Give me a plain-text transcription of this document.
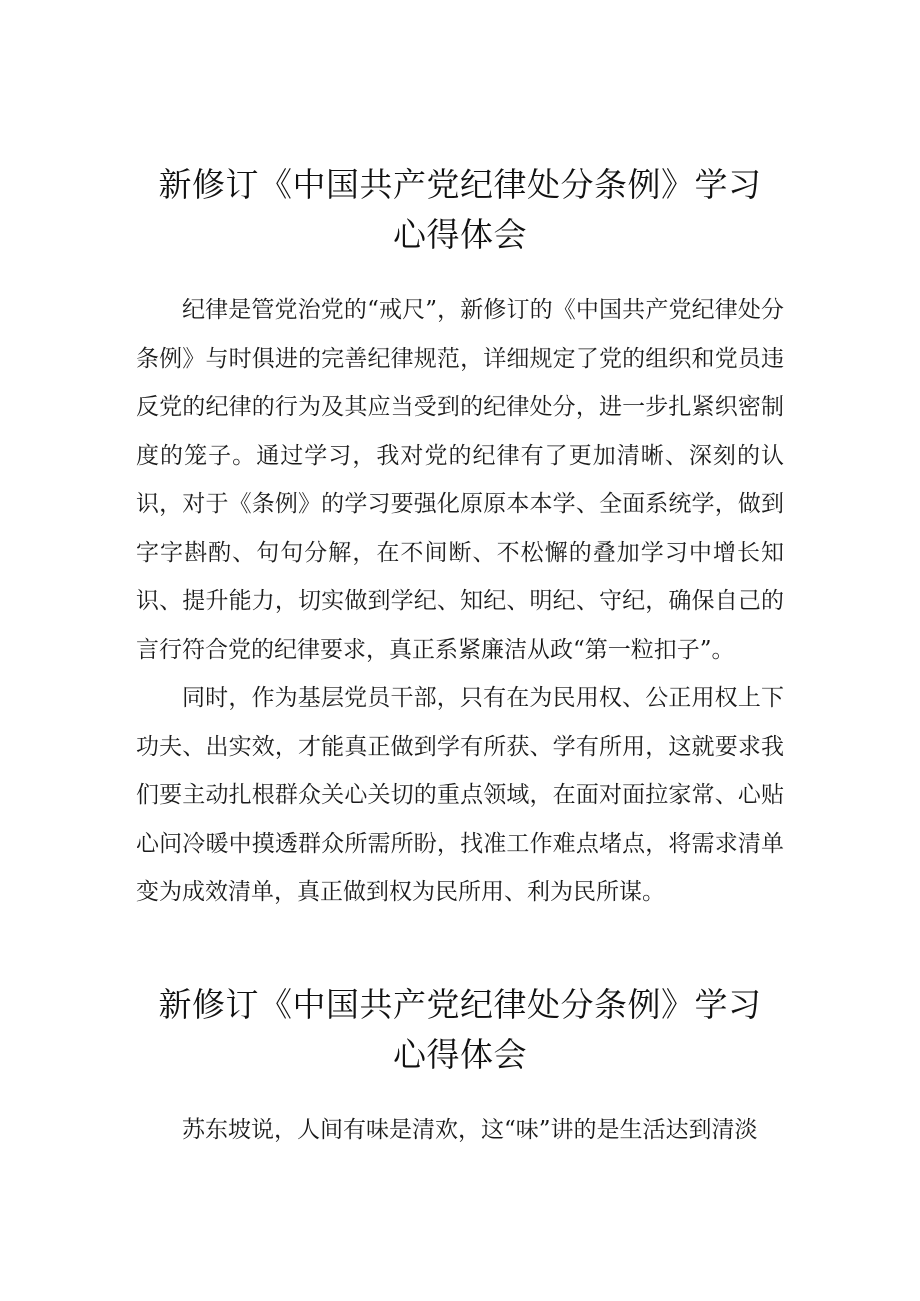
新修订《中国共产党纪律处分条例》学习
心得体会

纪律是管党治党的“戒尺”，新修订的《中国共产党纪律处分条例》与时俱进的完善纪律规范，详细规定了党的组织和党员违反党的纪律的行为及其应当受到的纪律处分，进一步扎紧织密制度的笼子。通过学习，我对党的纪律有了更加清晰、深刻的认识，对于《条例》的学习要强化原原本本学、全面系统学，做到字字斟酌、句句分解，在不间断、不松懈的叠加学习中增长知识、提升能力，切实做到学纪、知纪、明纪、守纪，确保自己的言行符合党的纪律要求，真正系紧廉洁从政“第一粒扣子”。

同时，作为基层党员干部，只有在为民用权、公正用权上下功夫、出实效，才能真正做到学有所获、学有所用，这就要求我们要主动扎根群众关心关切的重点领域，在面对面拉家常、心贴心问冷暖中摸透群众所需所盼，找准工作难点堵点，将需求清单变为成效清单，真正做到权为民所用、利为民所谋。

新修订《中国共产党纪律处分条例》学习
心得体会

苏东坡说，人间有味是清欢，这“味”讲的是生活达到清淡
